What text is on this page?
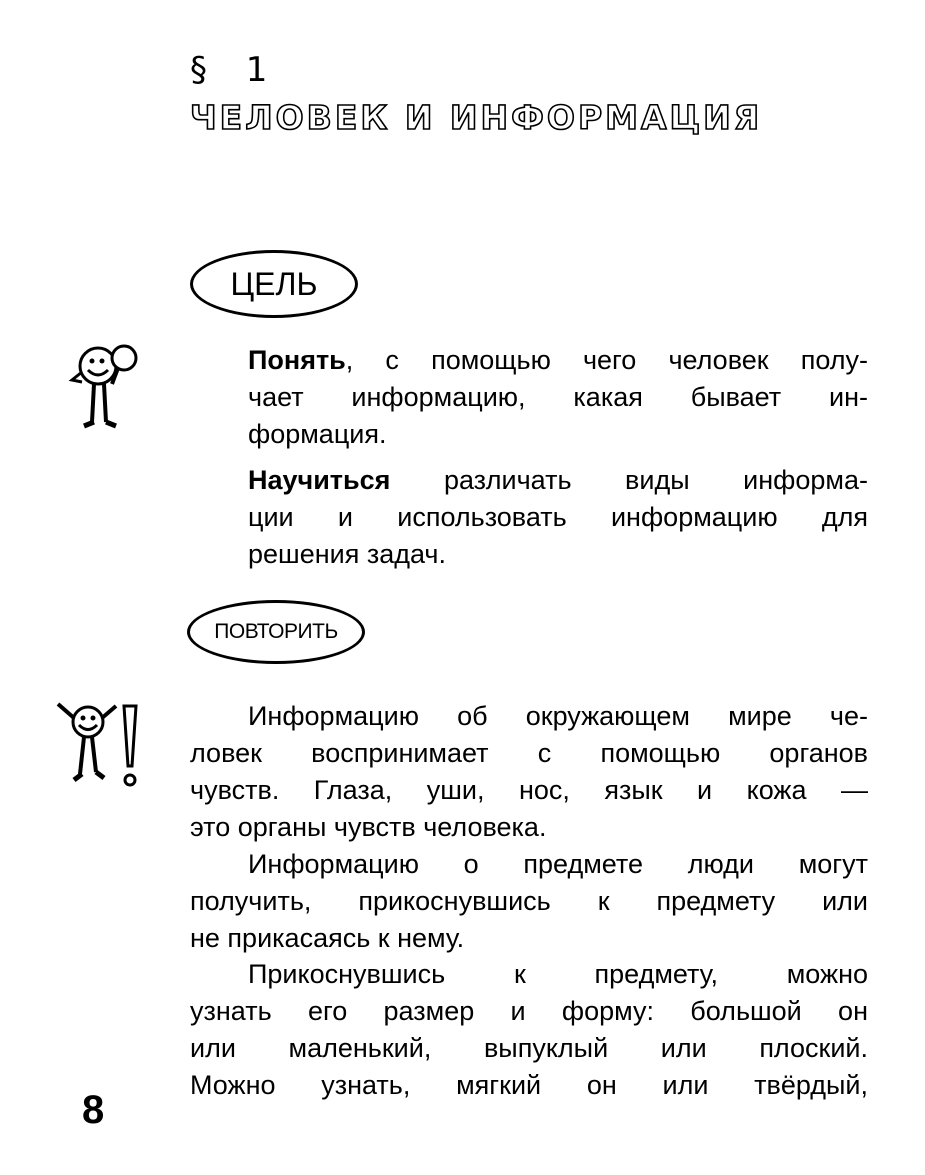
§ 1
ЧЕЛОВЕК И ИНФОРМАЦИЯ
ЦЕЛЬ
Понять, с помощью чего человек полу-
чает информацию, какая бывает ин-
формация.
Научиться различать виды информа-
ции и использовать информацию для
решения задач.
ПОВТОРИТЬ
Информацию об окружающем мире че-
ловек воспринимает с помощью органов
чувств. Глаза, уши, нос, язык и кожа —
это органы чувств человека.
Информацию о предмете люди могут
получить, прикоснувшись к предмету или
не прикасаясь к нему.
Прикоснувшись к предмету, можно
узнать его размер и форму: большой он
или маленький, выпуклый или плоский.
Можно узнать, мягкий он или твёрдый,
8
